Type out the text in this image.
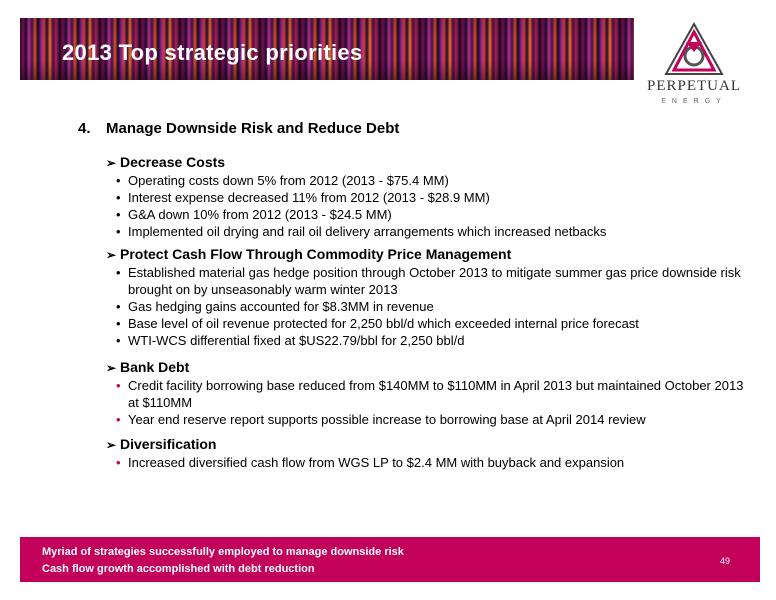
2013 Top strategic priorities
PERPETUAL
ENERGY
4. Manage Downside Risk and Reduce Debt
➢ Decrease Costs
• Operating costs down 5% from 2012 (2013 - $75.4 MM)
• Interest expense decreased 11% from 2012 (2013 - $28.9 MM)
• G&A down 10% from 2012 (2013 - $24.5 MM)
• Implemented oil drying and rail oil delivery arrangements which increased netbacks
➢ Protect Cash Flow Through Commodity Price Management
• Established material gas hedge position through October 2013 to mitigate summer gas price downside risk brought on by unseasonably warm winter 2013
• Gas hedging gains accounted for $8.3MM in revenue
• Base level of oil revenue protected for 2,250 bbl/d which exceeded internal price forecast
• WTI-WCS differential fixed at $US22.79/bbl for 2,250 bbl/d
➢ Bank Debt
• Credit facility borrowing base reduced from $140MM to $110MM in April 2013 but maintained October 2013 at $110MM
• Year end reserve report supports possible increase to borrowing base at April 2014 review
➢ Diversification
• Increased diversified cash flow from WGS LP to $2.4 MM with buyback and expansion
Myriad of strategies successfully employed to manage downside risk
Cash flow growth accomplished with debt reduction
49
